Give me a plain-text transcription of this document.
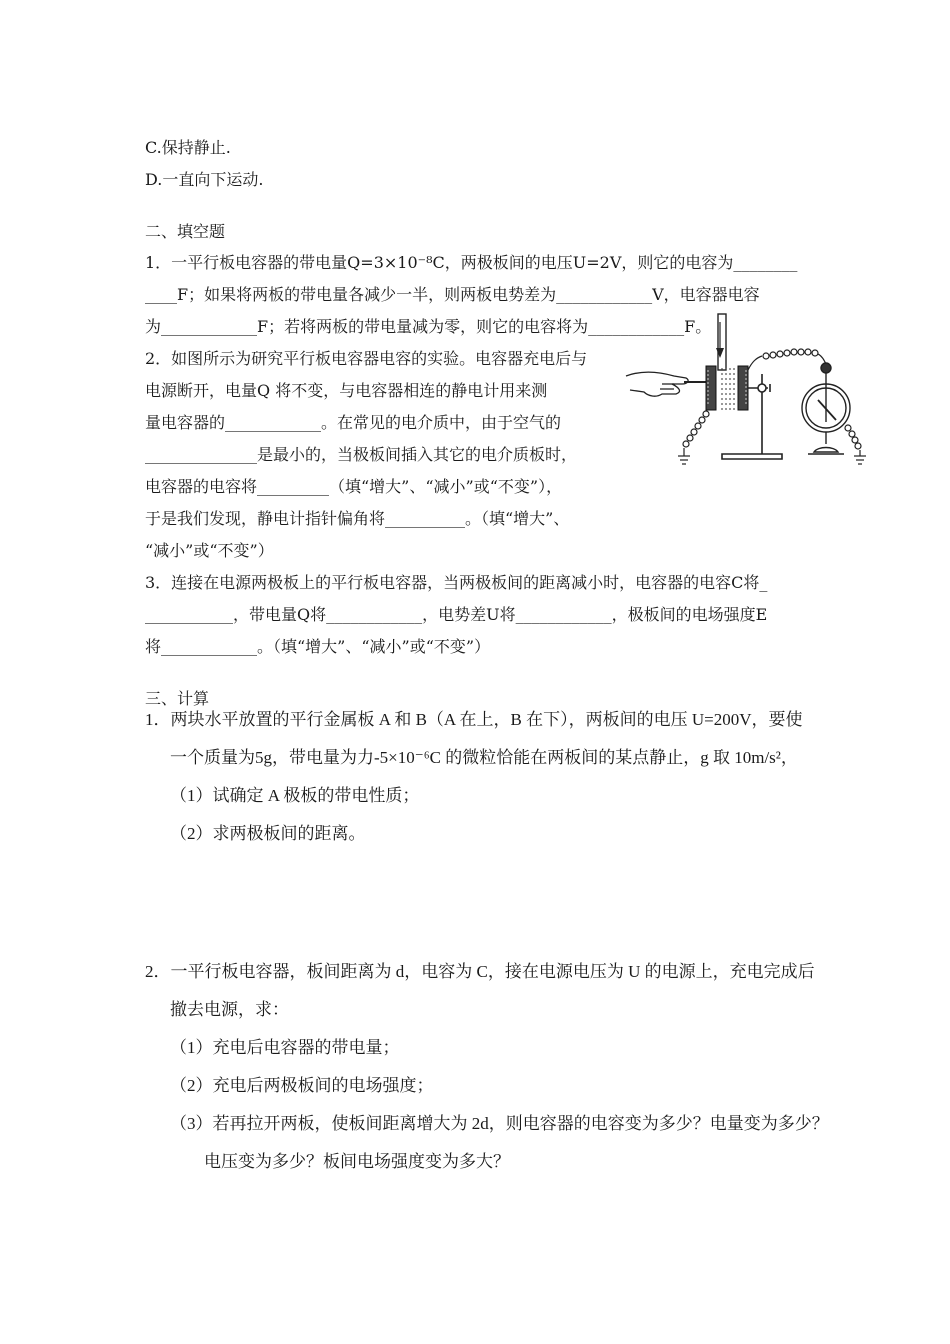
C.保持静止.
D.一直向下运动.
二、填空题
1．一平行板电容器的带电量Q=3×10⁻⁸C，两极板间的电压U=2V，则它的电容为________
____F；如果将两板的带电量各减少一半，则两板电势差为____________V，电容器电容
为____________F；若将两板的带电量减为零，则它的电容将为____________F。
2．如图所示为研究平行板电容器电容的实验。电容器充电后与
电源断开，电量Q 将不变，与电容器相连的静电计用来测
量电容器的____________。在常见的电介质中，由于空气的
______________是最小的，当极板间插入其它的电介质板时，
电容器的电容将_________（填“增大”、“减小”或“不变”），
于是我们发现，静电计指针偏角将__________。（填“增大”、
“减小”或“不变”）
3．连接在电源两极板上的平行板电容器，当两极板间的距离减小时，电容器的电容C将_
___________，带电量Q将____________，电势差U将____________，极板间的电场强度E
将____________。（填“增大”、“减小”或“不变”）
三、计算
1．两块水平放置的平行金属板 A 和 B（A 在上，B 在下），两板间的电压 U=200V，要使
一个质量为5g，带电量为力-5×10⁻⁶C 的微粒恰能在两板间的某点静止，g 取 10m/s²，
（1）试确定 A 极板的带电性质；
（2）求两极板间的距离。
2．一平行板电容器，板间距离为 d，电容为 C，接在电源电压为 U 的电源上，充电完成后
撤去电源，求：
（1）充电后电容器的带电量；
（2）充电后两极板间的电场强度；
（3）若再拉开两板，使板间距离增大为 2d，则电容器的电容变为多少？电量变为多少？
电压变为多少？板间电场强度变为多大？
